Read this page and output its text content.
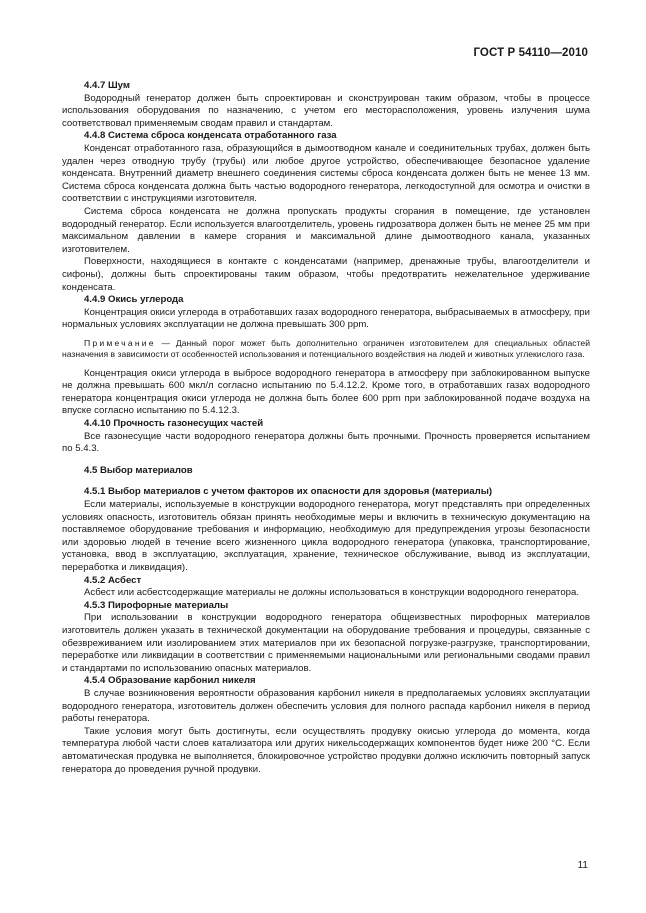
ГОСТ Р 54110—2010
4.4.7 Шум

Водородный генератор должен быть спроектирован и сконструирован таким образом, чтобы в процессе использования оборудования по назначению, с учетом его месторасположения, уровень излучения шума соответствовал применяемым сводам правил и стандартам.

4.4.8 Система сброса конденсата отработанного газа

Конденсат отработанного газа, образующийся в дымоотводном канале и соединительных трубах, должен быть удален через отводную трубу (трубы) или любое другое устройство, обеспечивающее безопасное удаление конденсата. Внутренний диаметр внешнего соединения системы сброса конденсата должен быть не менее 13 мм. Система сброса конденсата должна быть частью водородного генератора, легкодоступной для осмотра и очистки в соответствии с инструкциями изготовителя.

Система сброса конденсата не должна пропускать продукты сгорания в помещение, где установлен водородный генератор. Если используется влагоотделитель, уровень гидрозатвора должен быть не менее 25 мм при максимальном давлении в камере сгорания и максимальной длине дымоотводного канала, указанных изготовителем.

Поверхности, находящиеся в контакте с конденсатами (например, дренажные трубы, влагоотделители и сифоны), должны быть спроектированы таким образом, чтобы предотвратить нежелательное удерживание конденсата.

4.4.9 Окись углерода

Концентрация окиси углерода в отработавших газах водородного генератора, выбрасываемых в атмосферу, при нормальных условиях эксплуатации не должна превышать 300 ppm.

Примечание — Данный порог может быть дополнительно ограничен изготовителем для специальных областей назначения в зависимости от особенностей использования и потенциального воздействия на людей и животных углекислого газа.

Концентрация окиси углерода в выбросе водородного генератора в атмосферу при заблокированном выпуске не должна превышать 600 мкл/л согласно испытанию по 5.4.12.2. Кроме того, в отработавших газах водородного генератора концентрация окиси углерода не должна быть более 600 ppm при заблокированной подаче воздуха на впуске согласно испытанию по 5.4.12.3.

4.4.10 Прочность газонесущих частей

Все газонесущие части водородного генератора должны быть прочными. Прочность проверяется испытанием по 5.4.3.

4.5 Выбор материалов
4.5.1 Выбор материалов с учетом факторов их опасности для здоровья (материалы)

Если материалы, используемые в конструкции водородного генератора, могут представлять при определенных условиях опасность, изготовитель обязан принять необходимые меры и включить в техническую документацию на поставляемое оборудование требования и информацию, необходимую для предупреждения угрозы безопасности или здоровью людей в течение всего жизненного цикла водородного генератора (упаковка, транспортирование, установка, ввод в эксплуатацию, эксплуатация, хранение, техническое обслуживание, вывод из эксплуатации, переработка и ликвидация).

4.5.2 Асбест

Асбест или асбестсодержащие материалы не должны использоваться в конструкции водородного генератора.

4.5.3 Пирофорные материалы

При использовании в конструкции водородного генератора общеизвестных пирофорных материалов изготовитель должен указать в технической документации на оборудование требования и процедуры, связанные с обезвреживанием или изолированием этих материалов при их безопасной погрузке-разгрузке, транспортировании, переработке или ликвидации в соответствии с применяемыми национальными или региональными сводами правил и стандартами по использованию опасных материалов.

4.5.4 Образование карбонил никеля

В случае возникновения вероятности образования карбонил никеля в предполагаемых условиях эксплуатации водородного генератора, изготовитель должен обеспечить условия для полного распада карбонил никеля в период работы генератора.

Такие условия могут быть достигнуты, если осуществлять продувку окисью углерода до момента, когда температура любой части слоев катализатора или других никельсодержащих компонентов будет ниже 200 °С. Если автоматическая продувка не выполняется, блокировочное устройство продувки должно исключить повторный запуск генератора до проведения ручной продувки.

11
